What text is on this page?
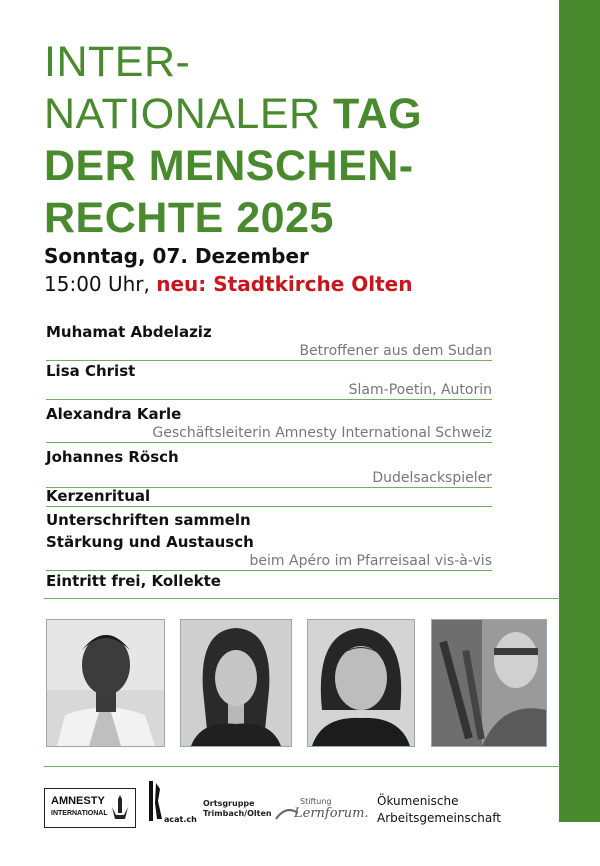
INTER-
NATIONALER TAG
DER MENSCHEN-
RECHTE 2025
Sonntag, 07. Dezember
15:00 Uhr, neu: Stadtkirche Olten
Muhamat Abdelaziz
Betroffener aus dem Sudan
Lisa Christ
Slam-Poetin, Autorin
Alexandra Karle
Geschäftsleiterin Amnesty International Schweiz
Johannes Rösch
Dudelsackspieler
Kerzenritual
Unterschriften sammeln
Stärkung und Austausch
beim Apéro im Pfarreisaal vis-à-vis
Eintritt frei, Kollekte
AMNESTY
INTERNATIONAL
acat.ch
Ortsgruppe
Trimbach/Olten
Stiftung
Lernforum.
Ökumenische
Arbeitsgemeinschaft
